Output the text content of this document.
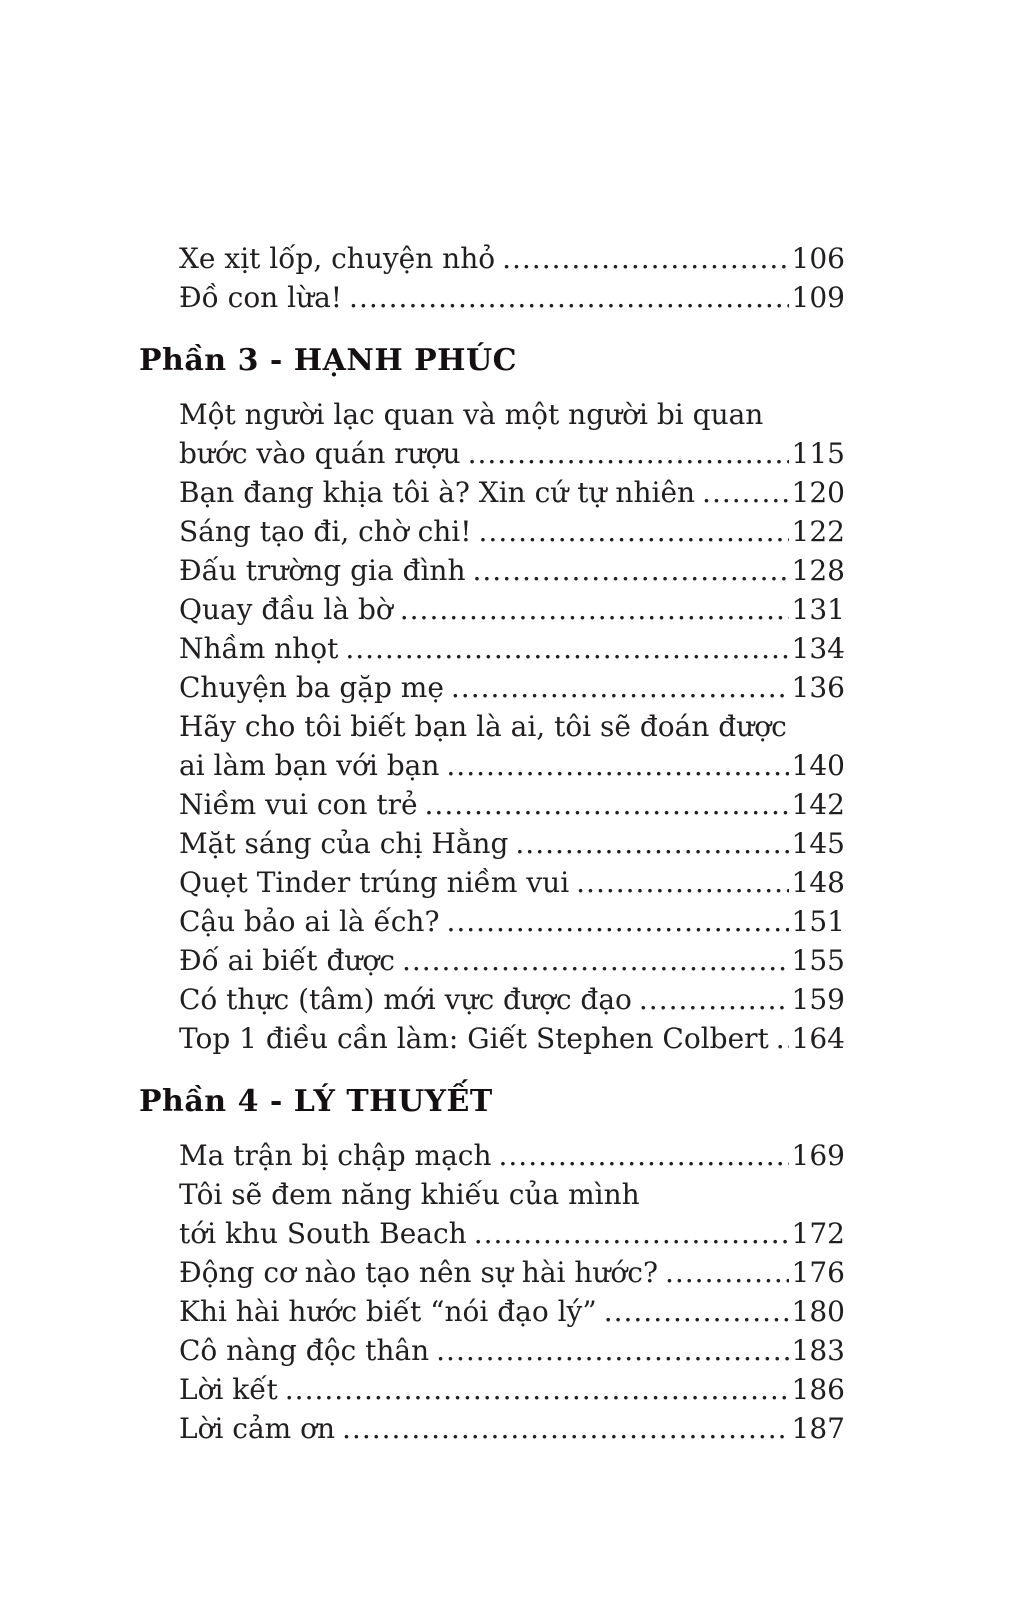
Xe xịt lốp, chuyện nhỏ .....	106
Đồ con lừa! .....	109
Phần 3 - HẠNH PHÚC
Một người lạc quan và một người bi quan
bước vào quán rượu .....	115
Bạn đang khịa tôi à? Xin cứ tự nhiên .....	120
Sáng tạo đi, chờ chi! .....	122
Đấu trường gia đình .....	128
Quay đầu là bờ .....	131
Nhầm nhọt .....	134
Chuyện ba gặp mẹ .....	136
Hãy cho tôi biết bạn là ai, tôi sẽ đoán được
ai làm bạn với bạn .....	140
Niềm vui con trẻ .....	142
Mặt sáng của chị Hằng .....	145
Quẹt Tinder trúng niềm vui .....	148
Cậu bảo ai là ếch? .....	151
Đố ai biết được .....	155
Có thực (tâm) mới vực được đạo .....	159
Top 1 điều cần làm: Giết Stephen Colbert ..... 164
Phần 4 - LÝ THUYẾT
Ma trận bị chập mạch .....	169
Tôi sẽ đem năng khiếu của mình
tới khu South Beach .....	172
Động cơ nào tạo nên sự hài hước? .....	176
Khi hài hước biết “nói đạo lý” .....	180
Cô nàng độc thân .....	183
Lời kết .....	186
Lời cảm ơn .....	187
